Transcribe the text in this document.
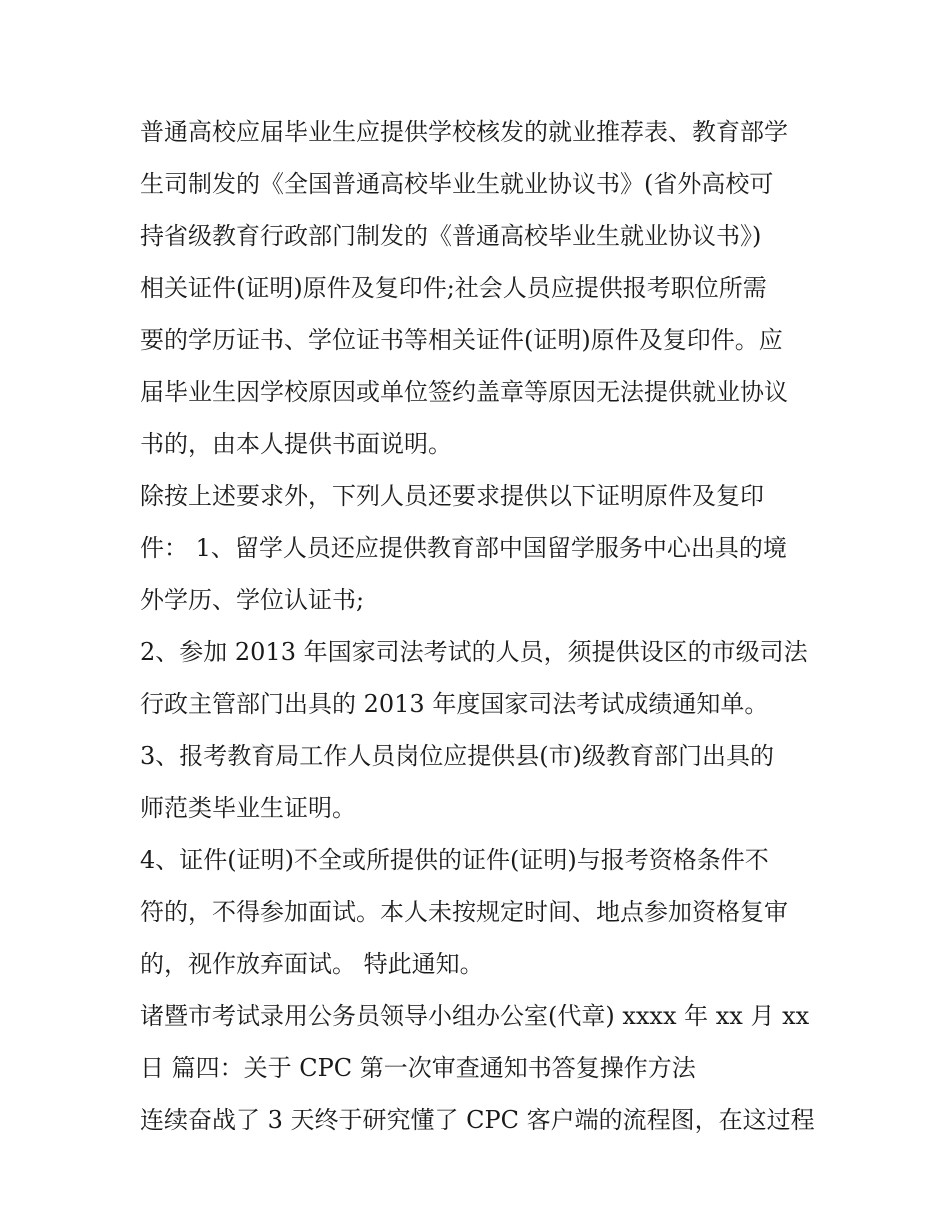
普通高校应届毕业生应提供学校核发的就业推荐表、教育部学
生司制发的《全国普通高校毕业生就业协议书》(省外高校可
持省级教育行政部门制发的《普通高校毕业生就业协议书》)
相关证件(证明)原件及复印件;社会人员应提供报考职位所需
要的学历证书、学位证书等相关证件(证明)原件及复印件。应
届毕业生因学校原因或单位签约盖章等原因无法提供就业协议
书的，由本人提供书面说明。
除按上述要求外，下列人员还要求提供以下证明原件及复印
件： 1、留学人员还应提供教育部中国留学服务中心出具的境
外学历、学位认证书;
2、参加 2013 年国家司法考试的人员，须提供设区的市级司法
行政主管部门出具的 2013 年度国家司法考试成绩通知单。
3、报考教育局工作人员岗位应提供县(市)级教育部门出具的
师范类毕业生证明。
4、证件(证明)不全或所提供的证件(证明)与报考资格条件不
符的，不得参加面试。本人未按规定时间、地点参加资格复审
的，视作放弃面试。 特此通知。
诸暨市考试录用公务员领导小组办公室(代章) xxxx 年 xx 月 xx
日 篇四：关于 CPC 第一次审查通知书答复操作方法
连续奋战了 3 天终于研究懂了 CPC 客户端的流程图，在这过程
